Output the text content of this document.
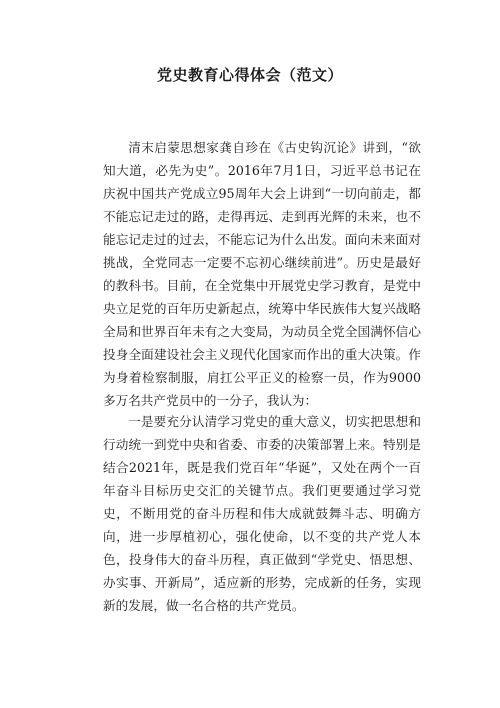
党史教育心得体会（范文）

清末启蒙思想家龚自珍在《古史钩沉论》讲到，“欲知大道，必先为史”。2016年7月1日，习近平总书记在庆祝中国共产党成立95周年大会上讲到“一切向前走，都不能忘记走过的路，走得再远、走到再光辉的未来，也不能忘记走过的过去，不能忘记为什么出发。面向未来面对挑战，全党同志一定要不忘初心继续前进”。历史是最好的教科书。目前，在全党集中开展党史学习教育，是党中央立足党的百年历史新起点，统筹中华民族伟大复兴战略全局和世界百年未有之大变局，为动员全党全国满怀信心投身全面建设社会主义现代化国家而作出的重大决策。作为身着检察制服，肩扛公平正义的检察一员，作为9000多万名共产党员中的一分子，我认为：

一是要充分认清学习党史的重大意义，切实把思想和行动统一到党中央和省委、市委的决策部署上来。特别是结合2021年，既是我们党百年“华诞”，又处在两个一百年奋斗目标历史交汇的关键节点。我们更要通过学习党史，不断用党的奋斗历程和伟大成就鼓舞斗志、明确方向，进一步厚植初心，强化使命，以不变的共产党人本色，投身伟大的奋斗历程，真正做到“学党史、悟思想、办实事、开新局”，适应新的形势，完成新的任务，实现新的发展，做一名合格的共产党员。
